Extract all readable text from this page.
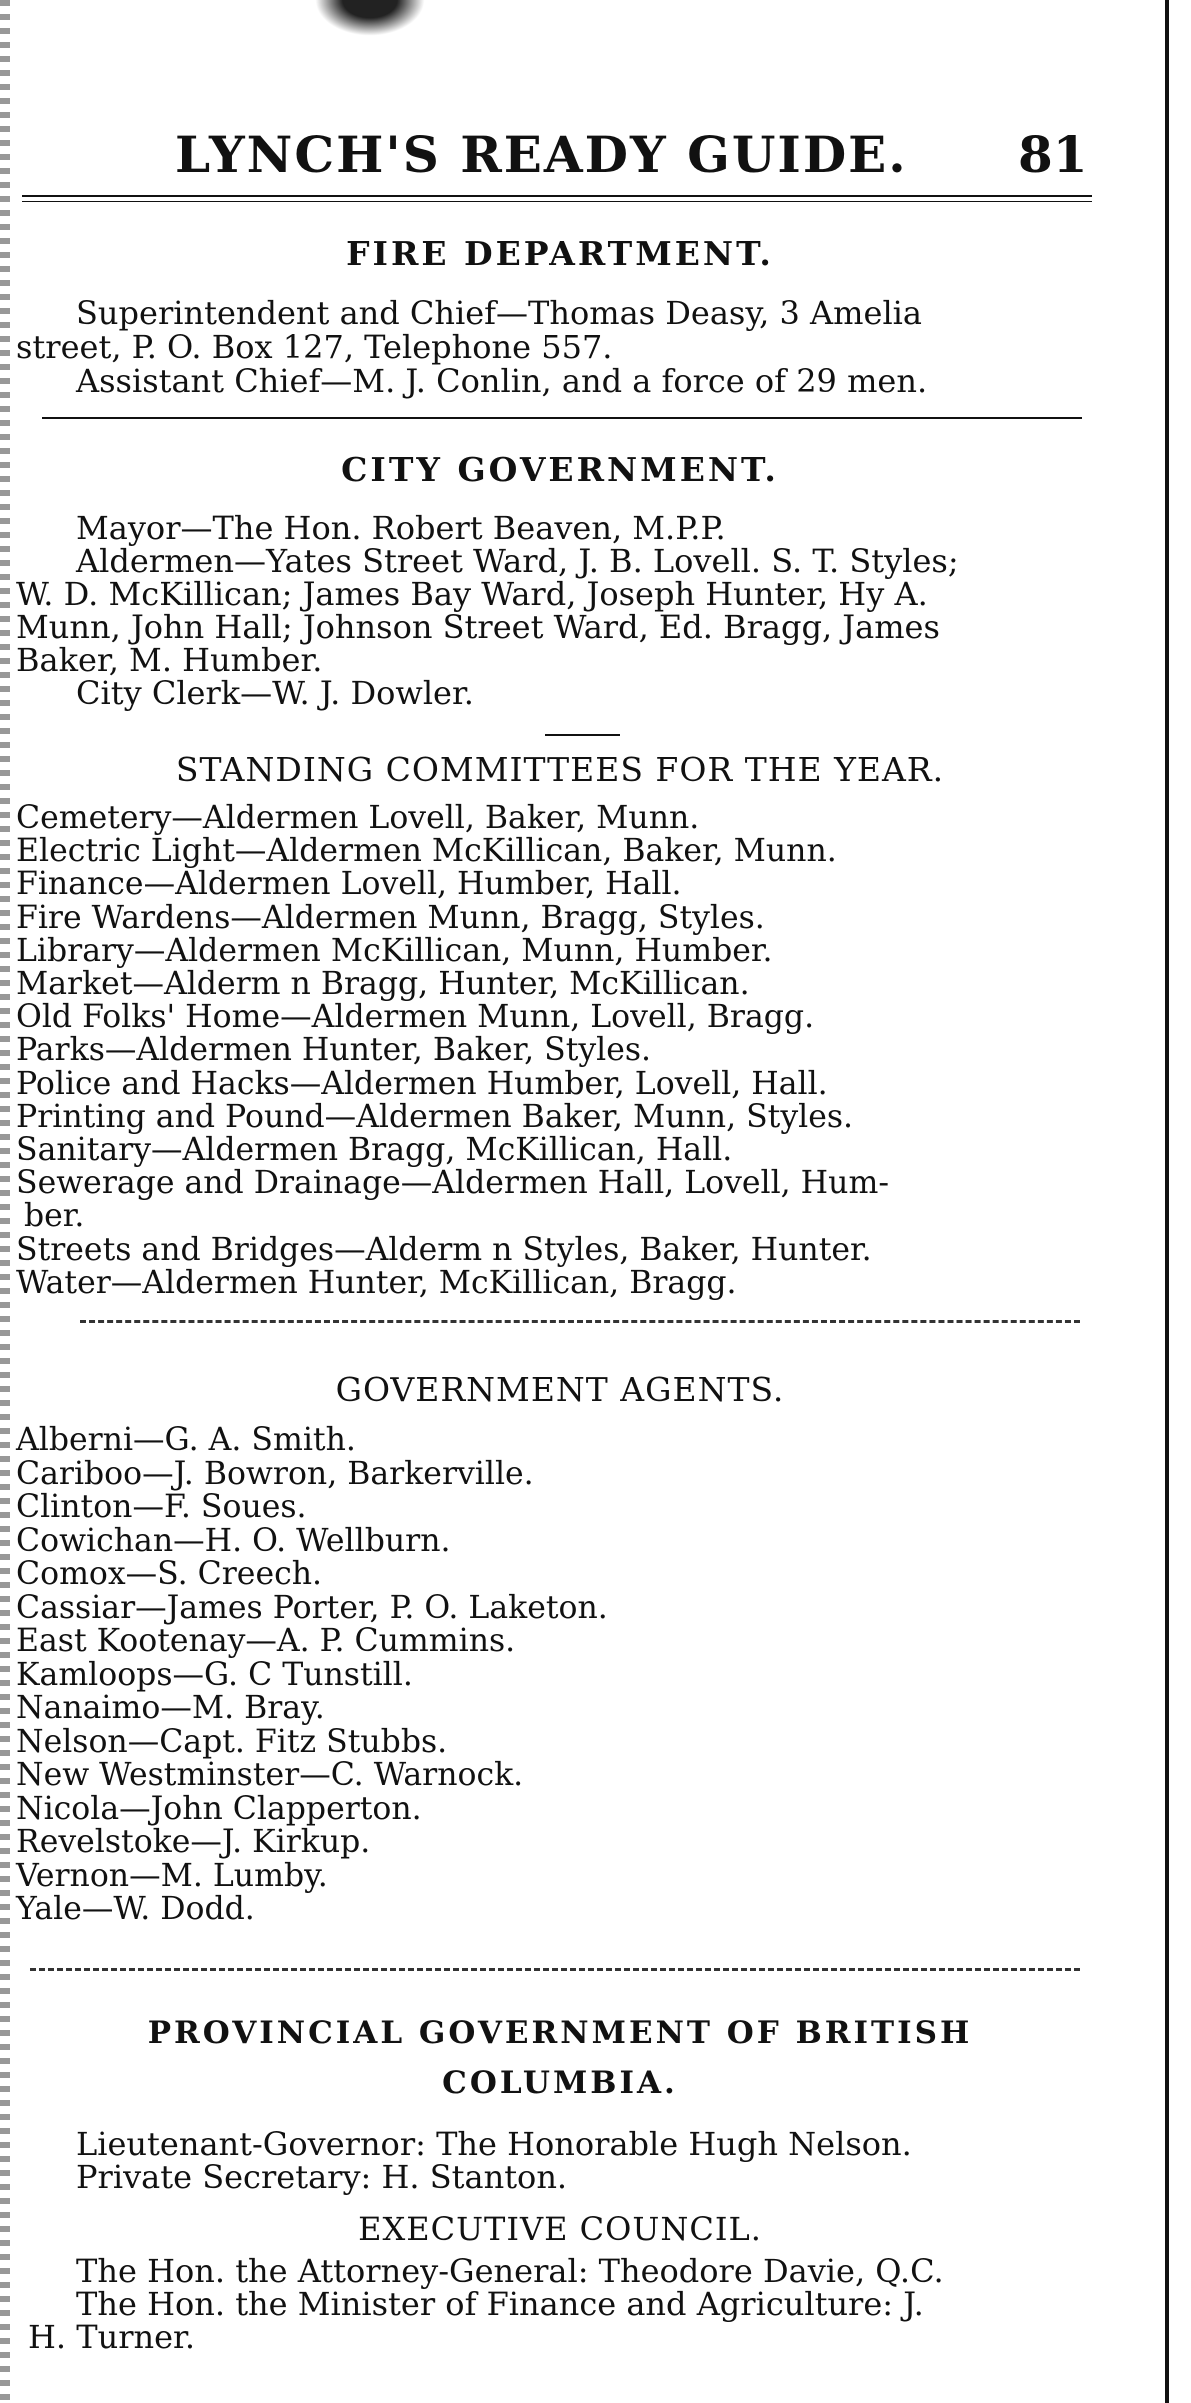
LYNCH'S READY GUIDE. 81
FIRE DEPARTMENT.
Superintendent and Chief—Thomas Deasy, 3 Amelia
street, P. O. Box 127, Telephone 557.
Assistant Chief—M. J. Conlin, and a force of 29 men.
CITY GOVERNMENT.
Mayor—The Hon. Robert Beaven, M.P.P.
Aldermen—Yates Street Ward, J. B. Lovell. S. T. Styles;
W. D. McKillican; James Bay Ward, Joseph Hunter, Hy A.
Munn, John Hall; Johnson Street Ward, Ed. Bragg, James
Baker, M. Humber.
City Clerk—W. J. Dowler.
STANDING COMMITTEES FOR THE YEAR.
Cemetery—Aldermen Lovell, Baker, Munn.
Electric Light—Aldermen McKillican, Baker, Munn.
Finance—Aldermen Lovell, Humber, Hall.
Fire Wardens—Aldermen Munn, Bragg, Styles.
Library—Aldermen McKillican, Munn, Humber.
Market—Alderm n Bragg, Hunter, McKillican.
Old Folks' Home—Aldermen Munn, Lovell, Bragg.
Parks—Aldermen Hunter, Baker, Styles.
Police and Hacks—Aldermen Humber, Lovell, Hall.
Printing and Pound—Aldermen Baker, Munn, Styles.
Sanitary—Aldermen Bragg, McKillican, Hall.
Sewerage and Drainage—Aldermen Hall, Lovell, Hum-
ber.
Streets and Bridges—Alderm n Styles, Baker, Hunter.
Water—Aldermen Hunter, McKillican, Bragg.
GOVERNMENT AGENTS.
Alberni—G. A. Smith.
Cariboo—J. Bowron, Barkerville.
Clinton—F. Soues.
Cowichan—H. O. Wellburn.
Comox—S. Creech.
Cassiar—James Porter, P. O. Laketon.
East Kootenay—A. P. Cummins.
Kamloops—G. C Tunstill.
Nanaimo—M. Bray.
Nelson—Capt. Fitz Stubbs.
New Westminster—C. Warnock.
Nicola—John Clapperton.
Revelstoke—J. Kirkup.
Vernon—M. Lumby.
Yale—W. Dodd.
PROVINCIAL GOVERNMENT OF BRITISH
COLUMBIA.
Lieutenant-Governor: The Honorable Hugh Nelson.
Private Secretary: H. Stanton.
EXECUTIVE COUNCIL.
The Hon. the Attorney-General: Theodore Davie, Q.C.
The Hon. the Minister of Finance and Agriculture: J.
H. Turner.
